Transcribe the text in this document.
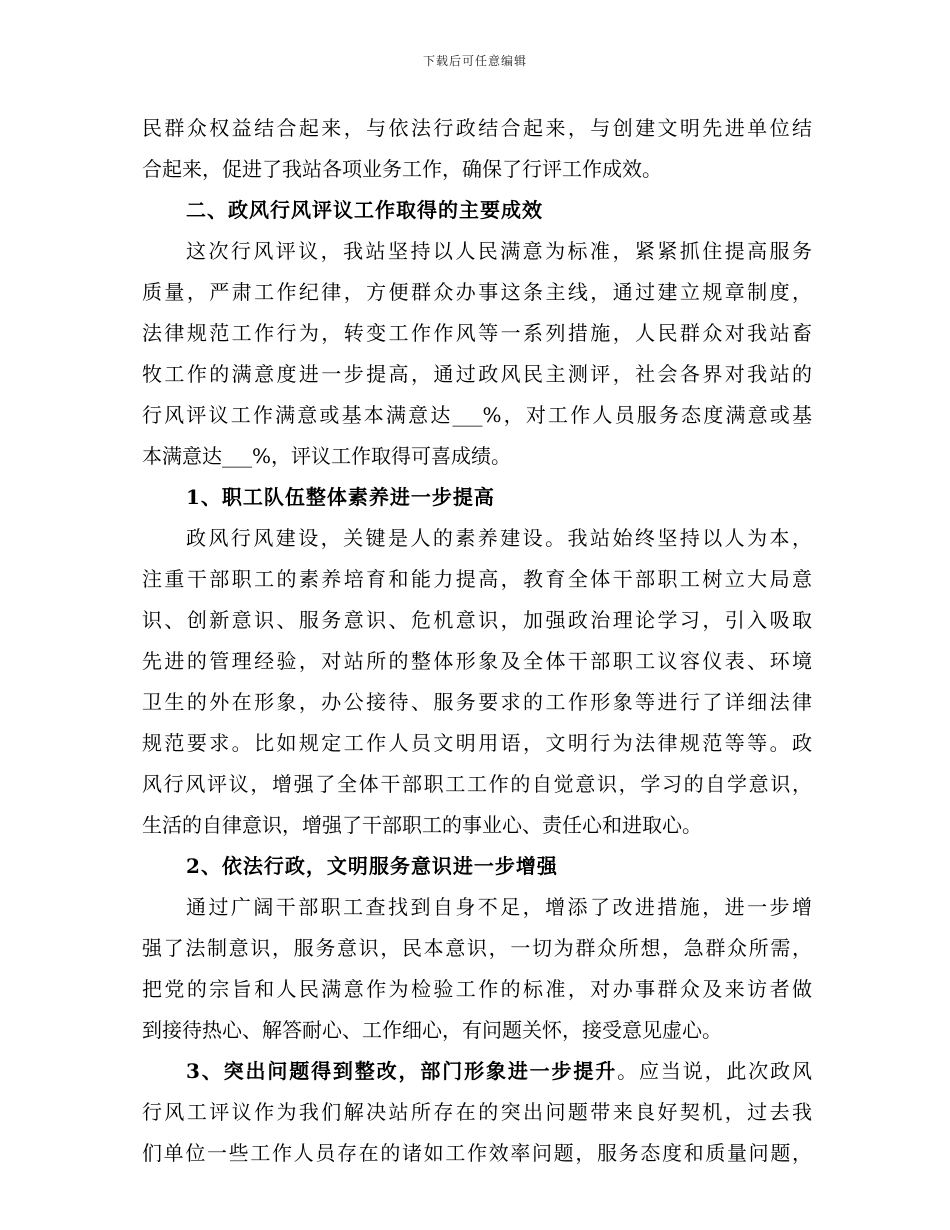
下载后可任意编辑
民群众权益结合起来，与依法行政结合起来，与创建文明先进单位结
合起来，促进了我站各项业务工作，确保了行评工作成效。
二、政风行风评议工作取得的主要成效
这次行风评议，我站坚持以人民满意为标准，紧紧抓住提高服务
质量，严肃工作纪律，方便群众办事这条主线，通过建立规章制度，
法律规范工作行为，转变工作作风等一系列措施，人民群众对我站畜
牧工作的满意度进一步提高，通过政风民主测评，社会各界对我站的
行风评议工作满意或基本满意达___%，对工作人员服务态度满意或基
本满意达___%，评议工作取得可喜成绩。
1、职工队伍整体素养进一步提高
政风行风建设，关键是人的素养建设。我站始终坚持以人为本，
注重干部职工的素养培育和能力提高，教育全体干部职工树立大局意
识、创新意识、服务意识、危机意识，加强政治理论学习，引入吸取
先进的管理经验，对站所的整体形象及全体干部职工议容仪表、环境
卫生的外在形象，办公接待、服务要求的工作形象等进行了详细法律
规范要求。比如规定工作人员文明用语，文明行为法律规范等等。政
风行风评议，增强了全体干部职工工作的自觉意识，学习的自学意识，
生活的自律意识，增强了干部职工的事业心、责任心和进取心。
2、依法行政，文明服务意识进一步增强
通过广阔干部职工查找到自身不足，增添了改进措施，进一步增
强了法制意识，服务意识，民本意识，一切为群众所想，急群众所需，
把党的宗旨和人民满意作为检验工作的标准，对办事群众及来访者做
到接待热心、解答耐心、工作细心，有问题关怀，接受意见虚心。
3、突出问题得到整改，部门形象进一步提升。应当说，此次政风
行风工评议作为我们解决站所存在的突出问题带来良好契机，过去我
们单位一些工作人员存在的诸如工作效率问题，服务态度和质量问题，
